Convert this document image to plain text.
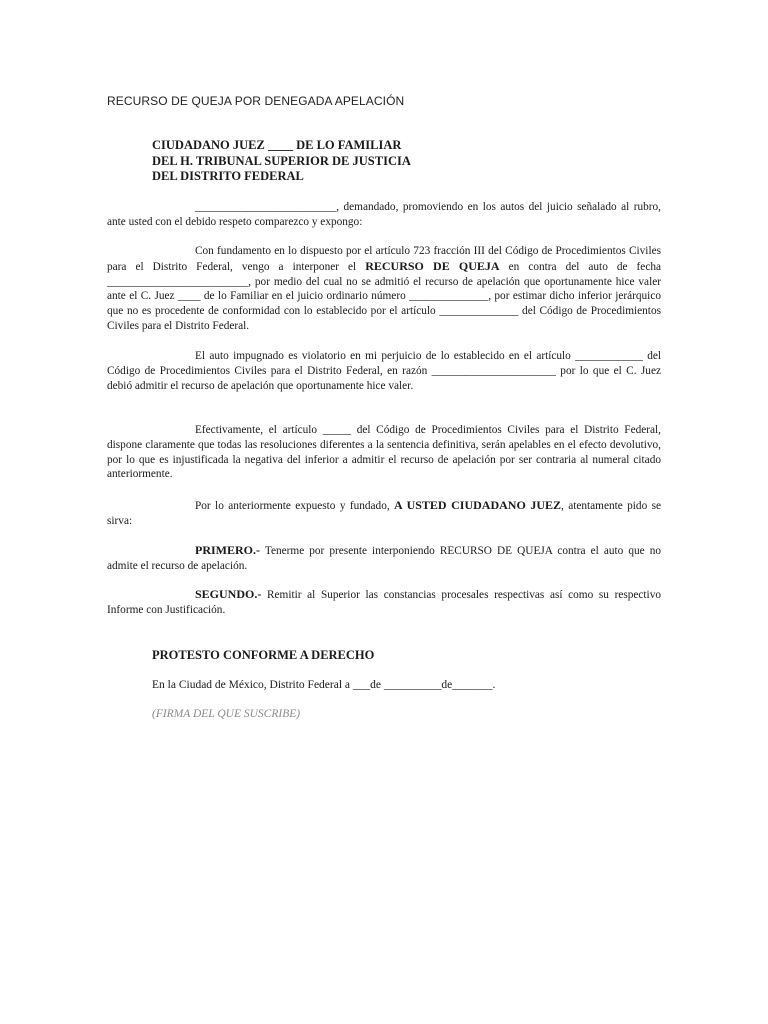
RECURSO DE QUEJA POR DENEGADA APELACIÓN
CIUDADANO JUEZ ____ DE LO FAMILIAR
DEL H. TRIBUNAL SUPERIOR DE JUSTICIA
DEL DISTRITO FEDERAL
_________________________, demandado, promoviendo en los autos del juicio señalado al rubro, ante usted con el debido respeto comparezco y expongo:
Con fundamento en lo dispuesto por el artículo 723 fracción III del Código de Procedimientos Civiles para el Distrito Federal, vengo a interponer el RECURSO DE QUEJA en contra del auto de fecha _________________________, por medio del cual no se admitió el recurso de apelación que oportunamente hice valer ante el C. Juez ____ de lo Familiar en el juicio ordinario número ______________, por estimar dicho inferior jerárquico que no es procedente de conformidad con lo establecido por el artículo ______________ del Código de Procedimientos Civiles para el Distrito Federal.
El auto impugnado es violatorio en mi perjuicio de lo establecido en el artículo ____________ del Código de Procedimientos Civiles para el Distrito Federal, en razón ______________________ por lo que el C. Juez debió admitir el recurso de apelación que oportunamente hice valer.
Efectivamente, el artículo _____ del Código de Procedimientos Civiles para el Distrito Federal, dispone claramente que todas las resoluciones diferentes a la sentencia definitiva, serán apelables en el efecto devolutivo, por lo que es injustificada la negativa del inferior a admitir el recurso de apelación por ser contraria al numeral citado anteriormente.
Por lo anteriormente expuesto y fundado, A USTED CIUDADANO JUEZ, atentamente pido se sirva:
PRIMERO.- Tenerme por presente interponiendo RECURSO DE QUEJA contra el auto que no admite el recurso de apelación.
SEGUNDO.- Remitir al Superior las constancias procesales respectivas así como su respectivo Informe con Justificación.
PROTESTO CONFORME A DERECHO
En la Ciudad de México, Distrito Federal a ___de __________de_______.
(FIRMA DEL QUE SUSCRIBE)
